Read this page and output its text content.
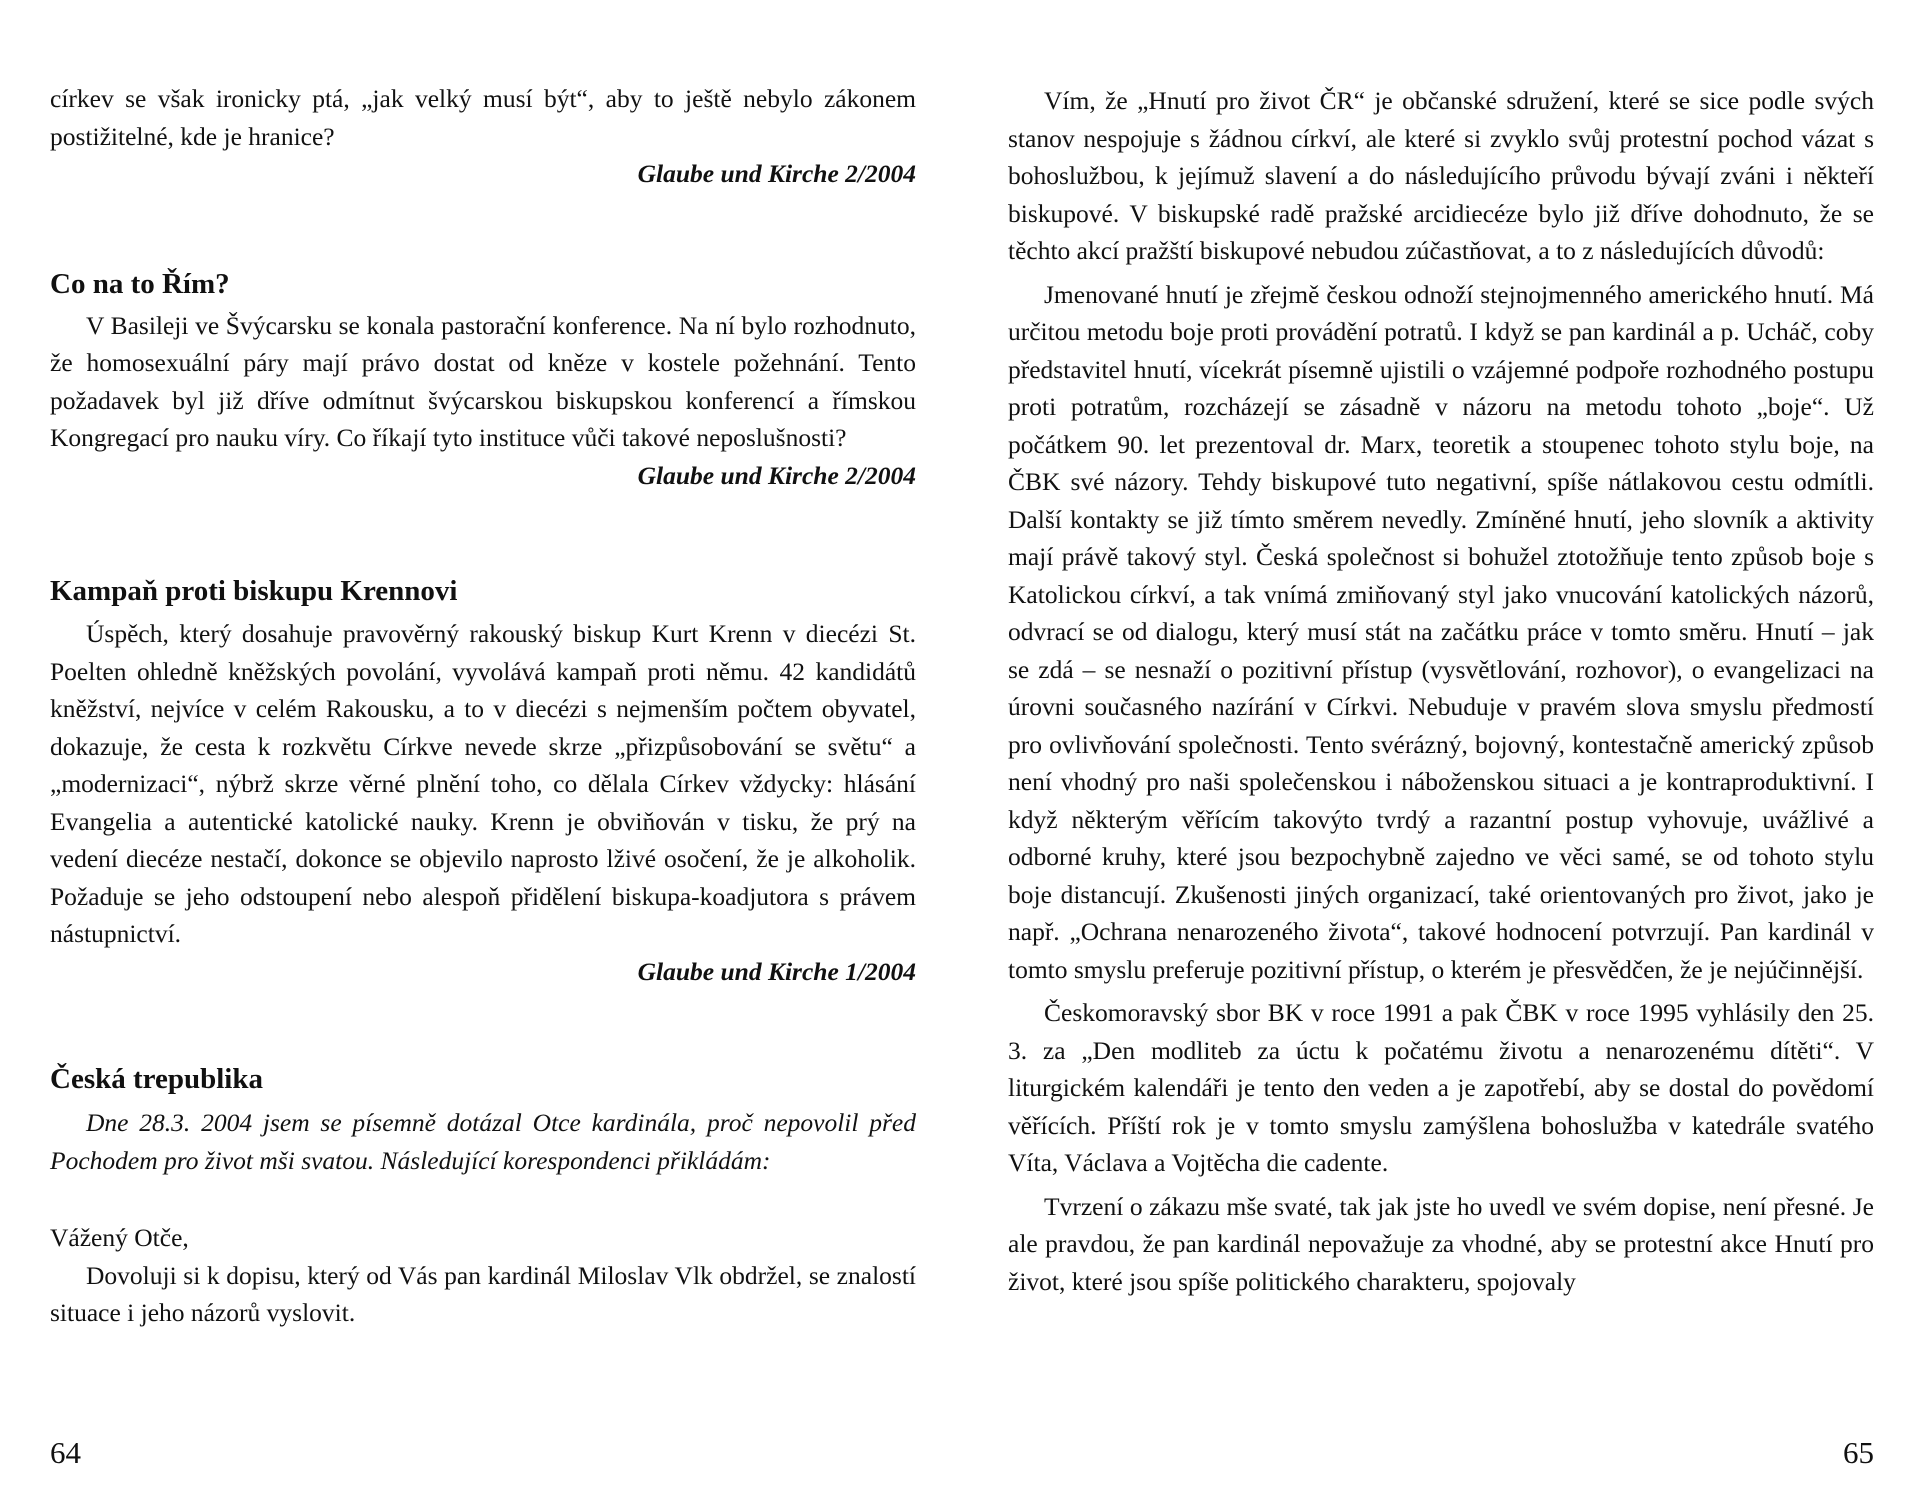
církev se však ironicky ptá, „jak velký musí být“, aby to ještě nebylo zákonem postižitelné, kde je hranice?

Glaube und Kirche 2/2004
Co na to Řím?

V Basileji ve Švýcarsku se konala pastorační konference. Na ní bylo rozhodnuto, že homosexuální páry mají právo dostat od kněze v kostele požehnání. Tento požadavek byl již dříve odmítnut švýcarskou biskupskou konferencí a římskou Kongregací pro nauku víry. Co říkají tyto instituce vůči takové neposlušnosti?

Glaube und Kirche 2/2004
Kampaň proti biskupu Krennovi

Úspěch, který dosahuje pravověrný rakouský biskup Kurt Krenn v diecézi St. Poelten ohledně kněžských povolání, vyvolává kampaň proti němu. 42 kandidátů kněžství, nejvíce v celém Rakousku, a to v diecézi s nejmenším počtem obyvatel, dokazuje, že cesta k rozkvětu Církve nevede skrze „přizpůsobování se světu“ a „modernizaci“, nýbrž skrze věrné plnění toho, co dělala Církev vždycky: hlásání Evangelia a autentické katolické nauky. Krenn je obviňován v tisku, že prý na vedení diecéze nestačí, dokonce se objevilo naprosto lživé osočení, že je alkoholik. Požaduje se jeho odstoupení nebo alespoň přidělení biskupa-koadjutora s právem nástupnictví.

Glaube und Kirche 1/2004
Česká trepublika

Dne 28.3. 2004 jsem se písemně dotázal Otce kardinála, proč nepovolil před Pochodem pro život mši svatou. Následující korespondenci přikládám:

Vážený Otče,

Dovoluji si k dopisu, který od Vás pan kardinál Miloslav Vlk obdržel, se znalostí situace i jeho názorů vyslovit.

64

Vím, že „Hnutí pro život ČR“ je občanské sdružení, které se sice podle svých stanov nespojuje s žádnou církví, ale které si zvyklo svůj protestní pochod vázat s bohoslužbou, k jejímuž slavení a do následujícího průvodu bývají zváni i někteří biskupové. V biskupské radě pražské arcidiecéze bylo již dříve dohodnuto, že se těchto akcí pražští biskupové nebudou zúčastňovat, a to z následujících důvodů:

Jmenované hnutí je zřejmě českou odnoží stejnojmenného amerického hnutí. Má určitou metodu boje proti provádění potratů. I když se pan kardinál a p. Ucháč, coby představitel hnutí, vícekrát písemně ujistili o vzájemné podpoře rozhodného postupu proti potratům, rozcházejí se zásadně v názoru na metodu tohoto „boje“. Už počátkem 90. let prezentoval dr. Marx, teoretik a stoupenec tohoto stylu boje, na ČBK své názory. Tehdy biskupové tuto negativní, spíše nátlakovou cestu odmítli. Další kontakty se již tímto směrem nevedly. Zmíněné hnutí, jeho slovník a aktivity mají právě takový styl. Česká společnost si bohužel ztotožňuje tento způsob boje s Katolickou církví, a tak vnímá zmiňovaný styl jako vnucování katolických názorů, odvrací se od dialogu, který musí stát na začátku práce v tomto směru. Hnutí – jak se zdá – se nesnaží o pozitivní přístup (vysvětlování, rozhovor), o evangelizaci na úrovni současného nazírání v Církvi. Nebuduje v pravém slova smyslu předmostí pro ovlivňování společnosti. Tento svérázný, bojovný, kontestačně americký způsob není vhodný pro naši společenskou i náboženskou situaci a je kontraproduktivní. I když některým věřícím takovýto tvrdý a razantní postup vyhovuje, uvážlivé a odborné kruhy, které jsou bezpochybně zajedno ve věci samé, se od tohoto stylu boje distancují. Zkušenosti jiných organizací, také orientovaných pro život, jako je např. „Ochrana nenarozeného života“, takové hodnocení potvrzují. Pan kardinál v tomto smyslu preferuje pozitivní přístup, o kterém je přesvědčen, že je nejúčinnější.

Českomoravský sbor BK v roce 1991 a pak ČBK v roce 1995 vyhlásily den 25. 3. za „Den modliteb za úctu k počatému životu a nenarozenému dítěti“. V liturgickém kalendáři je tento den veden a je zapotřebí, aby se dostal do povědomí věřících. Příští rok je v tomto smyslu zamýšlena bohoslužba v katedrále svatého Víta, Václava a Vojtěcha die cadente.

Tvrzení o zákazu mše svaté, tak jak jste ho uvedl ve svém dopise, není přesné. Je ale pravdou, že pan kardinál nepovažuje za vhodné, aby se protestní akce Hnutí pro život, které jsou spíše politického charakteru, spojovaly

65
